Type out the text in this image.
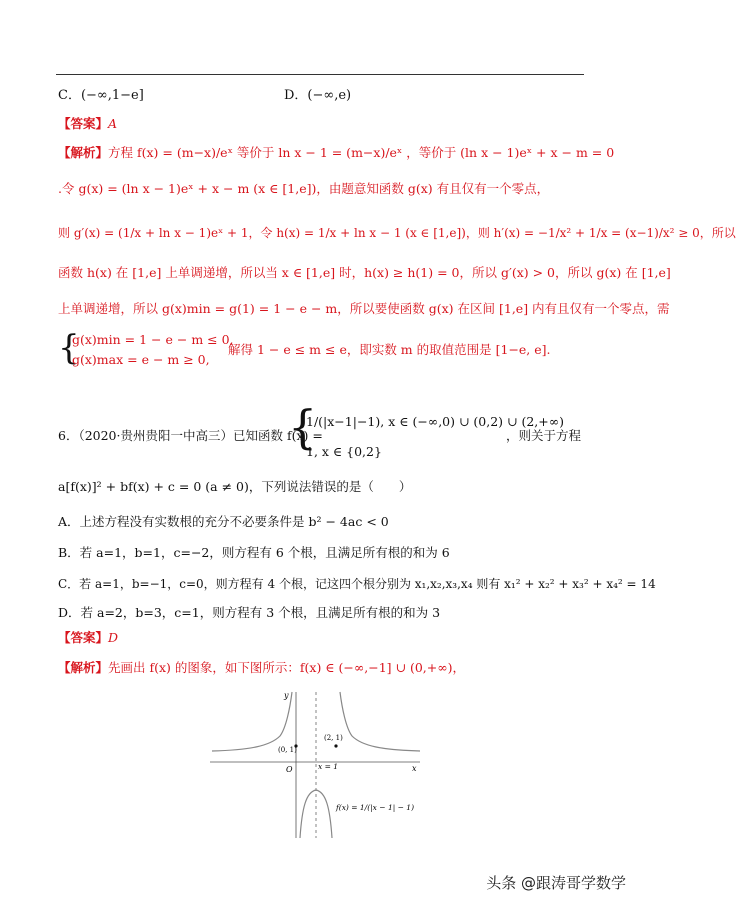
C．(−∞,1−e]	D．(−∞,e)
【答案】A
【解析】方程 f(x) = (m−x)/eˣ 等价于 ln x − 1 = (m−x)/eˣ ，等价于 (ln x − 1)eˣ + x − m = 0
.令 g(x) = (ln x − 1)eˣ + x − m (x ∈ [1,e])，由题意知函数 g(x) 有且仅有一个零点，
则 g′(x) = (1/x + ln x − 1)eˣ + 1，令 h(x) = 1/x + ln x − 1 (x ∈ [1,e])，则 h′(x) = −1/x² + 1/x = (x−1)/x² ≥ 0，所以
函数 h(x) 在 [1,e] 上单调递增，所以当 x ∈ [1,e] 时，h(x) ≥ h(1) = 0，所以 g′(x) > 0，所以 g(x) 在 [1,e]
上单调递增，所以 g(x)min = g(1) = 1 − e − m，所以要使函数 g(x) 在区间 [1,e] 内有且仅有一个零点，需
{
g(x)min = 1 − e − m ≤ 0,
g(x)max = e − m ≥ 0,
解得 1 − e ≤ m ≤ e，即实数 m 的取值范围是 [1−e, e].
6．（2020·贵州贵阳一中高三）已知函数 f(x) =
{
1/(|x−1|−1), x ∈ (−∞,0) ∪ (0,2) ∪ (2,+∞)
1, x ∈ {0,2}
，则关于方程
a[f(x)]² + bf(x) + c = 0 (a ≠ 0)，下列说法错误的是（　　）
A．上述方程没有实数根的充分不必要条件是 b² − 4ac < 0
B．若 a=1，b=1，c=−2，则方程有 6 个根，且满足所有根的和为 6
C．若 a=1，b=−1，c=0，则方程有 4 个根，记这四个根分别为 x₁,x₂,x₃,x₄ 则有 x₁² + x₂² + x₃² + x₄² = 14
D．若 a=2，b=3，c=1，则方程有 3 个根，且满足所有根的和为 3
【答案】D
【解析】先画出 f(x) 的图象，如下图所示：f(x) ∈ (−∞,−1] ∪ (0,+∞)，
y
x
O
(0, 1)
(2, 1)
x = 1
f(x) = 1/(|x − 1| − 1)
头条 @跟涛哥学数学
